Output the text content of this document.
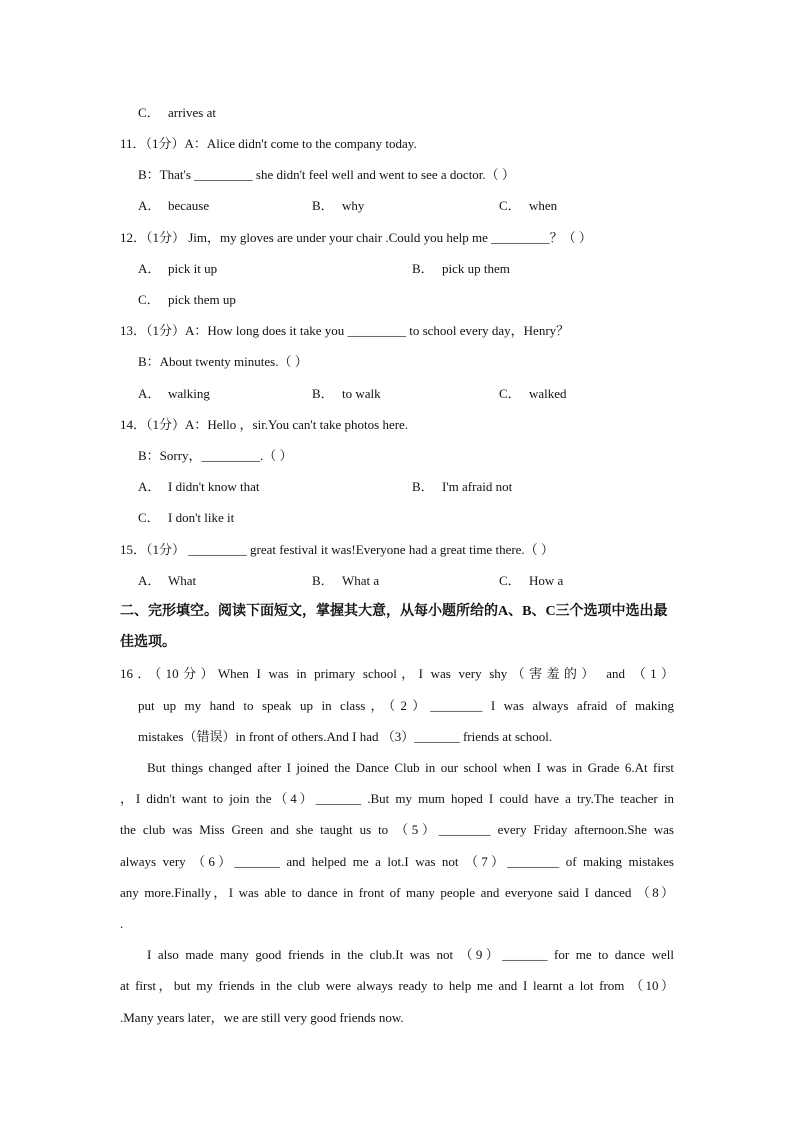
C． arrives at
11．（1分）A：Alice didn't come to the company today.
B：That's _________ she didn't feel well and went to see a doctor.（ ）
A． because	B． why	C． when
12．（1分） Jim，my gloves are under your chair .Could you help me _________？（ ）
A． pick it up	B． pick up them
C． pick them up
13．（1分）A：How long does it take you _________ to school every day，Henry？
B：About twenty minutes.（ ）
A． walking	B． to walk	C． walked
14．（1分）A：Hello ，sir.You can't take photos here.
B：Sorry，_________.（ ）
A． I didn't know that	B． I'm afraid not
C． I don't like it
15．（1分） _________ great festival it was!Everyone had a great time there.（ ）
A． What	B． What a	C． How a
二、完形填空。阅读下面短文，掌握其大意，从每小题所给的A、B、C三个选项中选出最
佳选项。
16．（10分）When I was in primary school，I was very shy（害羞的） and （1）
put up my hand to speak up in class，（2）________ I was always afraid of making
mistakes（错误）in front of others.And I had （3）_______ friends at school.
But things changed after I joined the Dance Club in our school when I was in Grade 6.At first
，I didn't want to join the（4）_______ .But my mum hoped I could have a try.The teacher in
the club was Miss Green and she taught us to （5）________ every Friday afternoon.She was
always very （6）_______ and helped me a lot.I was not （7）________ of making mistakes
any more.Finally，I was able to dance in front of many people and everyone said I danced （8）
.
I also made many good friends in the club.It was not （9）_______ for me to dance well
at first，but my friends in the club were always ready to help me and I learnt a lot from （10）
.Many years later，we are still very good friends now.
